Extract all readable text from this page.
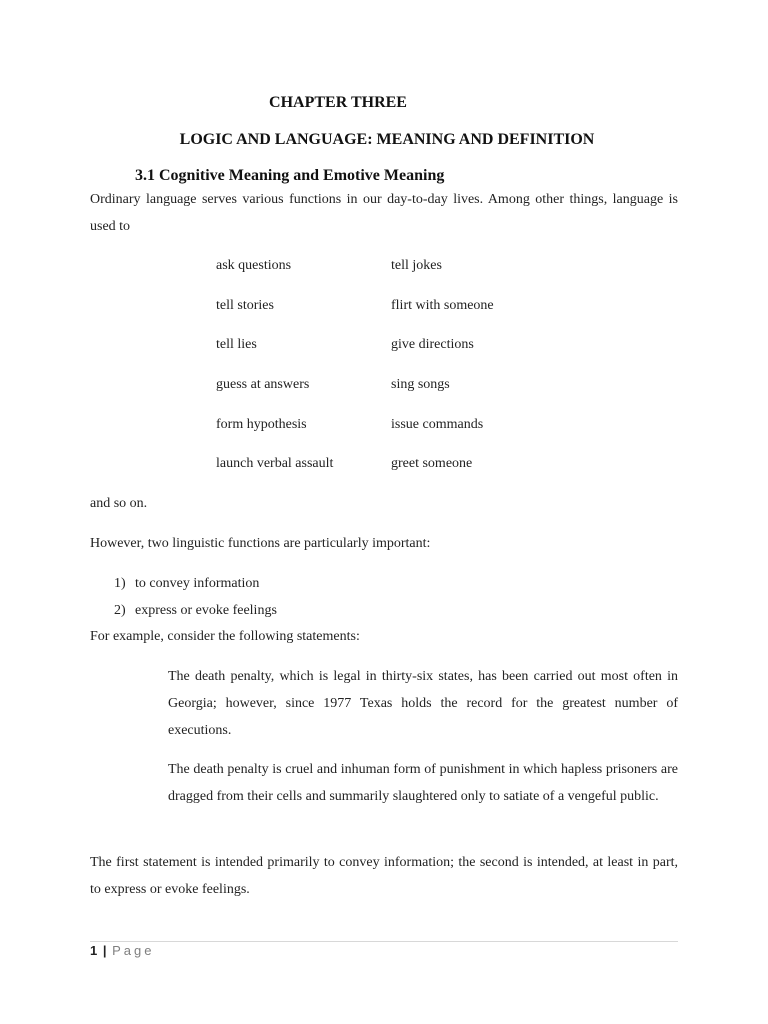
CHAPTER THREE
LOGIC AND LANGUAGE: MEANING AND DEFINITION
3.1 Cognitive Meaning and Emotive Meaning

Ordinary language serves various functions in our day-to-day lives. Among other things, language is used to

ask questions	tell jokes
tell stories	flirt with someone
tell lies	give directions
guess at answers	sing songs
form hypothesis	issue commands
launch verbal assault	greet someone
and so on.
However, two linguistic functions are particularly important:
1) to convey information
2) express or evoke feelings
For example, consider the following statements:

The death penalty, which is legal in thirty-six states, has been carried out most often in Georgia; however, since 1977 Texas holds the record for the greatest number of executions.

The death penalty is cruel and inhuman form of punishment in which hapless prisoners are dragged from their cells and summarily slaughtered only to satiate of a vengeful public.

The first statement is intended primarily to convey information; the second is intended, at least in part, to express or evoke feelings.

1 | Page
